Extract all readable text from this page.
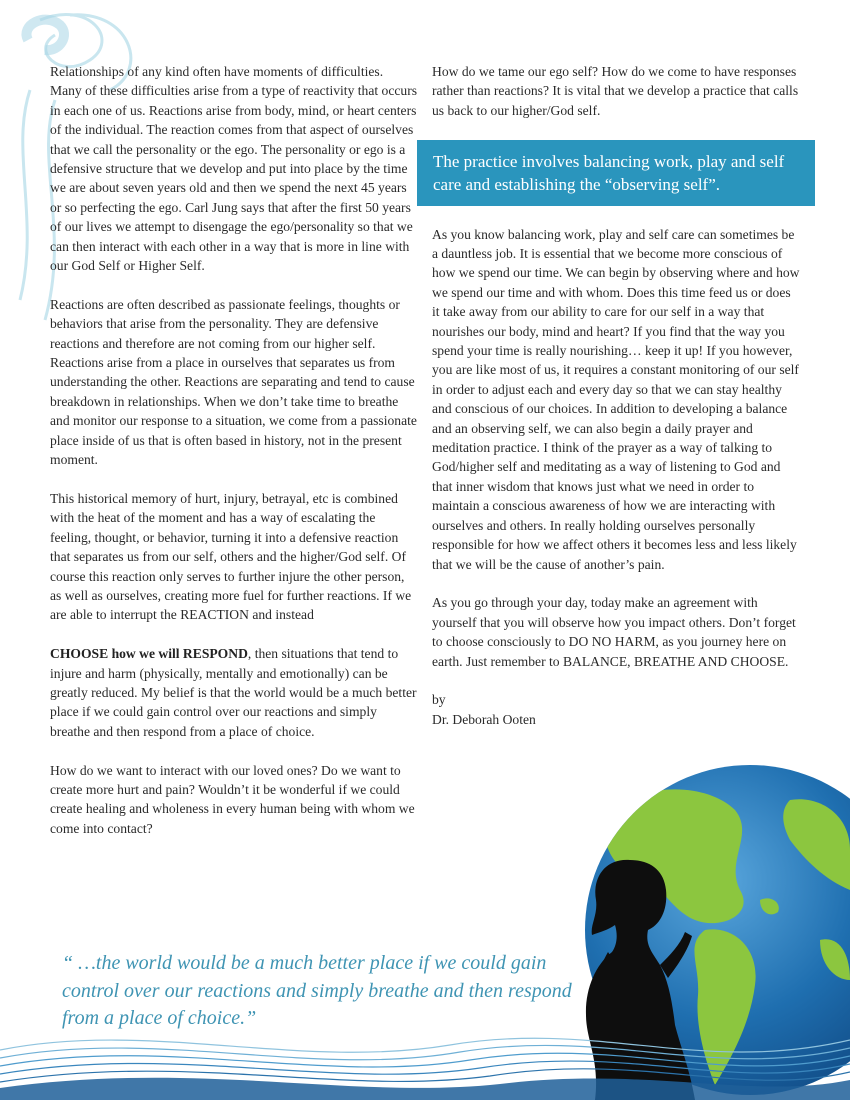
Relationships of any kind often have moments of difficulties. Many of these difficulties arise from a type of reactivity that occurs in each one of us. Reactions arise from body, mind, or heart centers of the individual. The reaction comes from that aspect of ourselves that we call the personality or the ego. The personality or ego is a defensive structure that we develop and put into place by the time we are about seven years old and then we spend the next 45 years or so perfecting the ego. Carl Jung says that after the first 50 years of our lives we attempt to disengage the ego/personality so that we can then interact with each other in a way that is more in line with our God Self or Higher Self.

Reactions are often described as passionate feelings, thoughts or behaviors that arise from the personality. They are defensive reactions and therefore are not coming from our higher self. Reactions arise from a place in ourselves that separates us from understanding the other. Reactions are separating and tend to cause breakdown in relationships. When we don’t take time to breathe and monitor our response to a situation, we come from a passionate place inside of us that is often based in history, not in the present moment.

This historical memory of hurt, injury, betrayal, etc is combined with the heat of the moment and has a way of escalating the feeling, thought, or behavior, turning it into a defensive reaction that separates us from our self, others and the higher/God self. Of course this reaction only serves to further injure the other person, as well as ourselves, creating more fuel for further reactions. If we are able to interrupt the REACTION and instead

CHOOSE how we will RESPOND, then situations that tend to injure and harm (physically, mentally and emotionally) can be greatly reduced. My belief is that the world would be a much better place if we could gain control over our reactions and simply breathe and then respond from a place of choice.

How do we want to interact with our loved ones? Do we want to create more hurt and pain? Wouldn’t it be wonderful if we could create healing and wholeness in every human being with whom we come into contact?

How do we tame our ego self? How do we come to have responses rather than reactions? It is vital that we develop a practice that calls us back to our higher/God self.

The practice involves balancing work, play and self care and establishing the “observing self”.

As you know balancing work, play and self care can sometimes be a dauntless job. It is essential that we become more conscious of how we spend our time. We can begin by observing where and how we spend our time and with whom. Does this time feed us or does it take away from our ability to care for our self in a way that nourishes our body, mind and heart? If you find that the way you spend your time is really nourishing… keep it up! If you however, you are like most of us, it requires a constant monitoring of our self in order to adjust each and every day so that we can stay healthy and conscious of our choices. In addition to developing a balance and an observing self, we can also begin a daily prayer and meditation practice. I think of the prayer as a way of talking to God/higher self and meditating as a way of listening to God and that inner wisdom that knows just what we need in order to maintain a conscious awareness of how we are interacting with ourselves and others. In really holding ourselves personally responsible for how we affect others it becomes less and less likely that we will be the cause of another’s pain.

As you go through your day, today make an agreement with yourself that you will observe how you impact others. Don’t forget to choose consciously to DO NO HARM, as you journey here on earth. Just remember to BALANCE, BREATHE AND CHOOSE.

by

Dr. Deborah Ooten

“ …the world would be a much better place if we could gain control over our reactions and simply breathe and then respond from a place of choice.”
